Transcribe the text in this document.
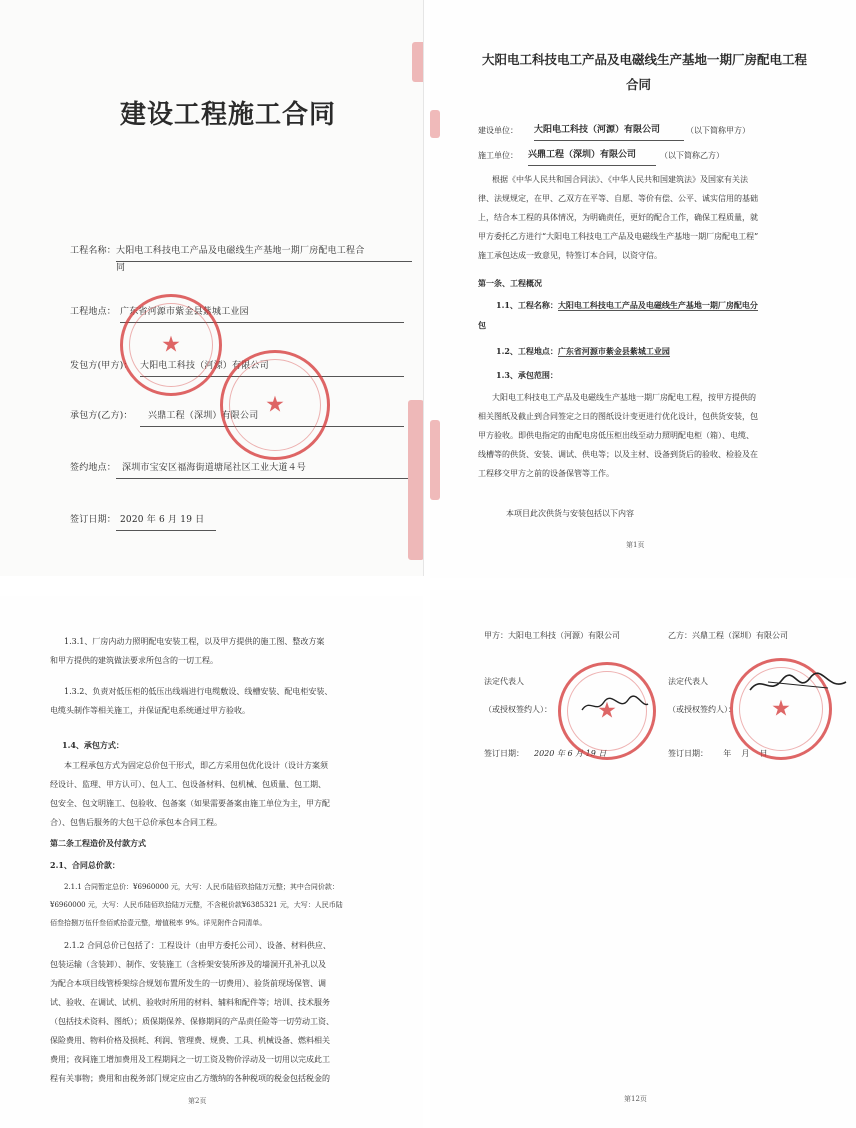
建设工程施工合同
工程名称： 大阳电工科技电工产品及电磁线生产基地一期厂房配电工程合
同
工程地点： 广东省河源市紫金县紫城工业园
发包方(甲方)： 大阳电工科技（河源）有限公司
承包方(乙方)：	兴鼎工程（深圳）有限公司
签约地点： 深圳市宝安区福海街道塘尾社区工业大道４号
签订日期： 2020 年 6 月 19 日
★
★
大阳电工科技电工产品及电磁线生产基地一期厂房配电工程
合同
建设单位： 大阳电工科技（河源）有限公司	（以下简称甲方）
施工单位： 兴鼎工程（深圳）有限公司	（以下简称乙方）
根据《中华人民共和国合同法》、《中华人民共和国建筑法》及国家有关法
律、法规规定，在甲、乙双方在平等、自愿、等价有偿、公平、诚实信用的基础
上，结合本工程的具体情况，为明确责任，更好的配合工作，确保工程质量，就
甲方委托乙方进行“大阳电工科技电工产品及电磁线生产基地一期厂房配电工程”
施工承包达成一致意见，特签订本合同，以资守信。
第一条、工程概况
1.1、工程名称：大阳电工科技电工产品及电磁线生产基地一期厂房配电分
包
1.2、工程地点：广东省河源市紫金县紫城工业园
1.3、承包范围：
大阳电工科技电工产品及电磁线生产基地一期厂房配电工程，按甲方提供的
相关图纸及截止到合同签定之日的图纸设计变更进行优化设计，包供货安装，包
甲方验收。即供电指定的由配电房低压柜出线至动力照明配电柜（箱）、电缆、
线槽等的供货、安装、调试、供电等；以及主材、设备到货后的验收、检验及在
工程移交甲方之前的设备保管等工作。
本项目此次供货与安装包括以下内容
第1页
1.3.1、厂房内动力照明配电安装工程，以及甲方提供的施工图、整改方案
和甲方提供的建筑做法要求所包含的一切工程。
1.3.2、负责对低压柜的低压出线端进行电缆敷设、线槽安装、配电柜安装、
电缆头制作等相关施工，并保证配电系统通过甲方验收。
1.4、承包方式：
本工程承包方式为固定总价包干形式，即乙方采用包优化设计（设计方案须
经设计、监理、甲方认可）、包人工、包设备材料、包机械、包质量、包工期、
包安全、包文明施工、包验收、包备案（如果需要备案由施工单位为主，甲方配
合）、包售后服务的大包干总价承包本合同工程。
第二条工程造价及付款方式
2.1、合同总价款：
2.1.1 合同暂定总价：¥6960000 元，大写：人民币陆佰玖拾陆万元整；其中合同价款：
¥6960000 元，大写：人民币陆佰玖拾陆万元整，不含税价款¥6385321 元，大写：人民币陆
佰叁拾捌万伍仟叁佰贰拾壹元整，增值税率 9%。详见附件合同清单。
2.1.2 合同总价已包括了：工程设计（由甲方委托公司）、设备、材料供应、
包装运输（含装卸）、制作、安装施工（含桥架安装所涉及的墙洞开孔补孔以及
为配合本项目线管桥架综合规划布置所发生的一切费用）、验货前现场保管、调
试、验收、在调试、试机、验收时所用的材料、辅料和配件等；培训、技术服务
（包括技术资料、图纸）；质保期保养、保修期间的产品责任险等一切劳动工资、
保险费用、物料价格及损耗、利润、管理费、规费、工具、机械设备、燃料相关
费用；夜间施工增加费用及工程期间之一切工资及物价浮动及一切用以完成此工
程有关事物；费用和由税务部门规定应由乙方缴纳的各种税项的税金包括税金的
第2页
甲方：大阳电工科技（河源）有限公司	乙方：兴鼎工程（深圳）有限公司
法定代表人	法定代表人
（或授权签约人）：	（或授权签约人）：
签订日期： 2020 年 6 月 19 日	签订日期：      年    月    日
★	★
第12页
